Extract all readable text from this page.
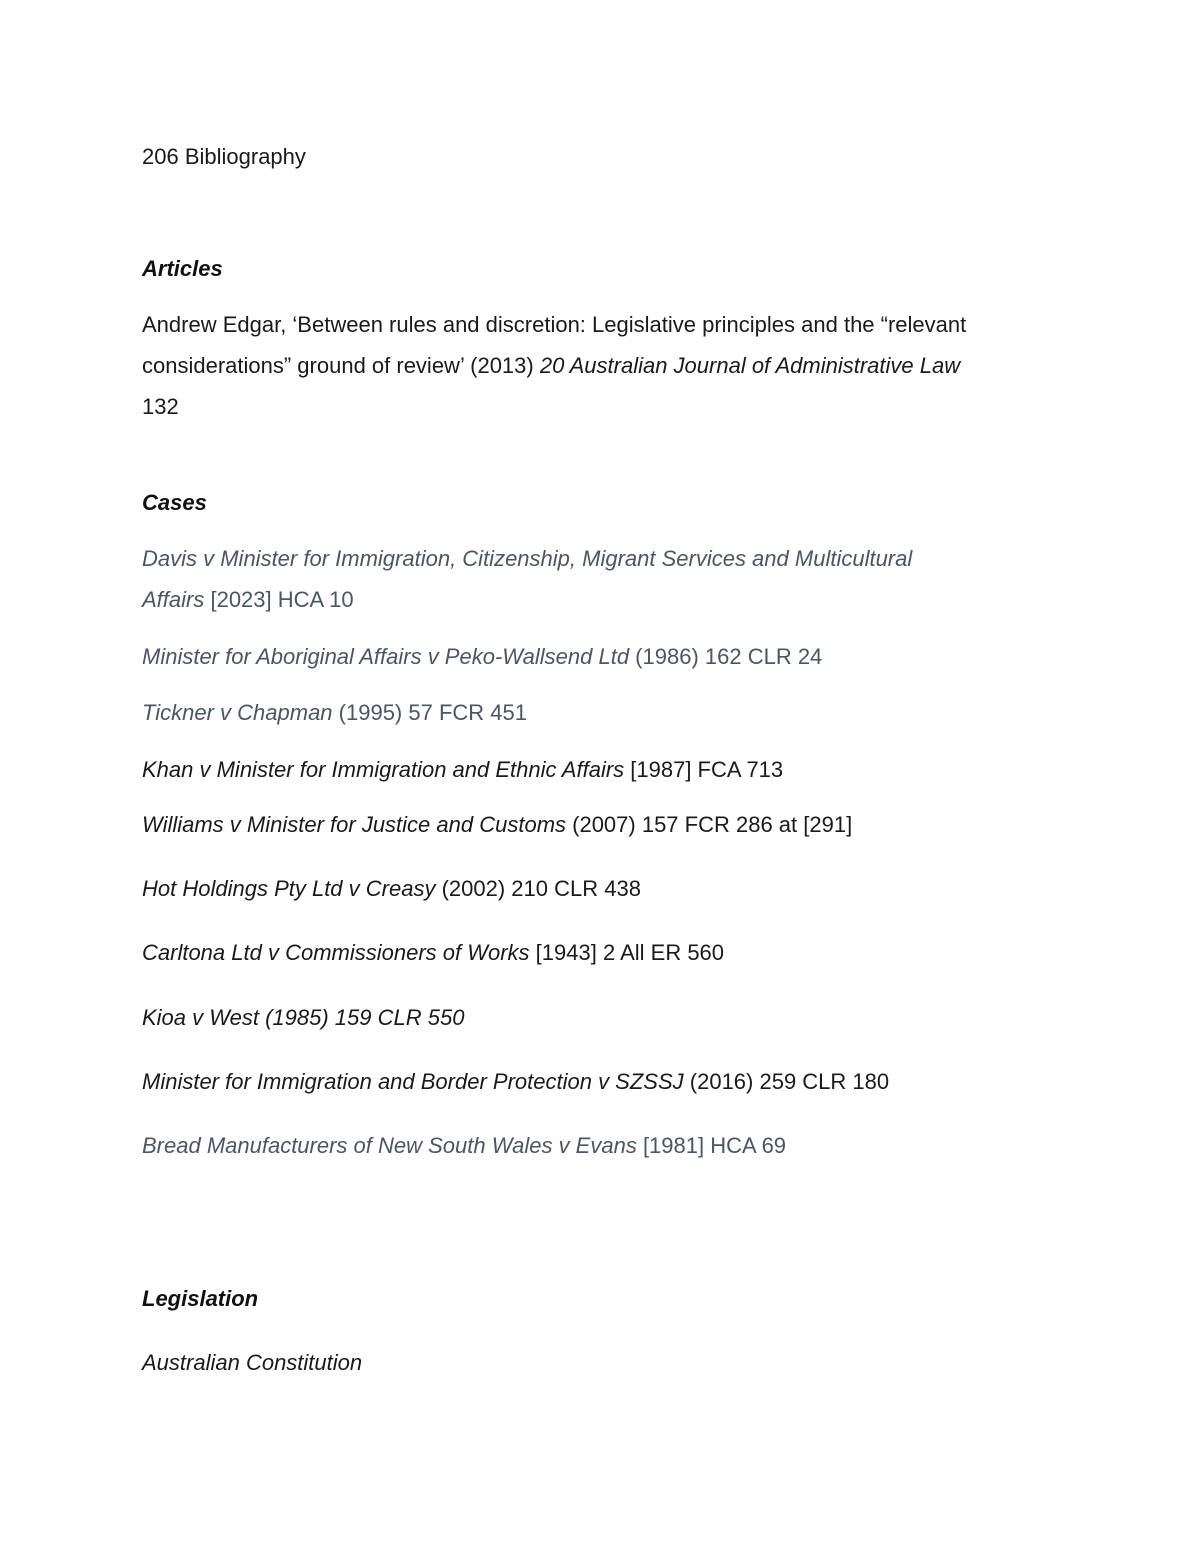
206 Bibliography
Articles
Andrew Edgar, ‘Between rules and discretion: Legislative principles and the “relevant considerations” ground of review’ (2013) 20 Australian Journal of Administrative Law
132
Cases
Davis v Minister for Immigration, Citizenship, Migrant Services and Multicultural
Affairs [2023] HCA 10
Minister for Aboriginal Affairs v Peko-Wallsend Ltd (1986) 162 CLR 24
Tickner v Chapman (1995) 57 FCR 451
Khan v Minister for Immigration and Ethnic Affairs [1987] FCA 713
Williams v Minister for Justice and Customs (2007) 157 FCR 286 at [291]
Hot Holdings Pty Ltd v Creasy (2002) 210 CLR 438
Carltona Ltd v Commissioners of Works [1943] 2 All ER 560
Kioa v West (1985) 159 CLR 550
Minister for Immigration and Border Protection v SZSSJ (2016) 259 CLR 180
Bread Manufacturers of New South Wales v Evans [1981] HCA 69
Legislation
Australian Constitution
